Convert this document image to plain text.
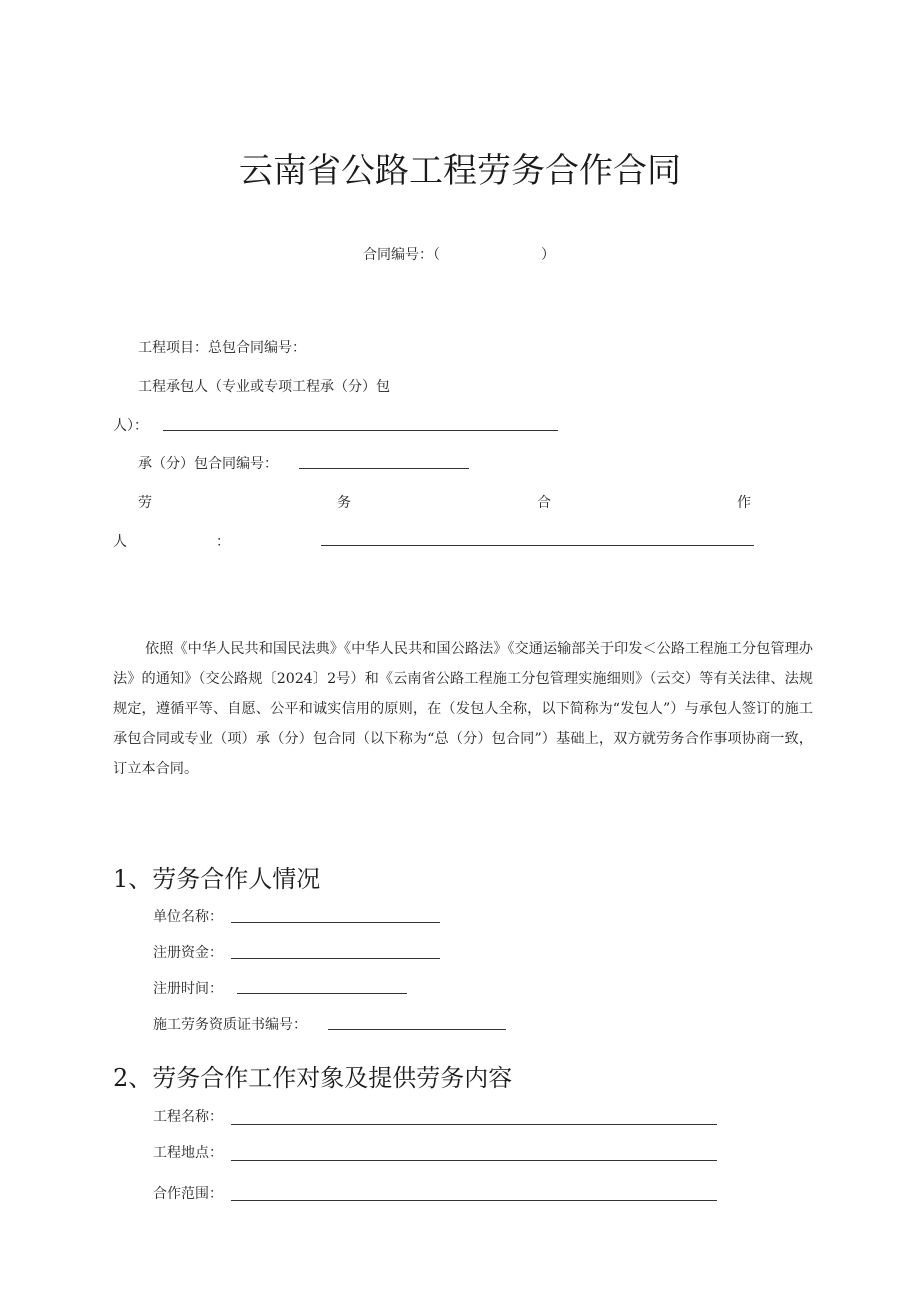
云南省公路工程劳务合作合同
合同编号：（	）
工程项目：总包合同编号：
工程承包人（专业或专项工程承（分）包
人）：
承（分）包合同编号：
劳	务	合	作
人	：
依照《中华人民共和国民法典》《中华人民共和国公路法》《交通运输部关于印发＜公路工程施工分包管理办法》的通知》（交公路规〔2024〕2号）和《云南省公路工程施工分包管理实施细则》（云交）等有关法律、法规规定，遵循平等、自愿、公平和诚实信用的原则，在（发包人全称，以下简称为“发包人”）与承包人签订的施工承包合同或专业（项）承（分）包合同（以下称为“总（分）包合同”）基础上，双方就劳务合作事项协商一致，订立本合同。
1、劳务合作人情况
单位名称：
注册资金：
注册时间：
施工劳务资质证书编号：
2、劳务合作工作对象及提供劳务内容
工程名称：
工程地点：
合作范围：
